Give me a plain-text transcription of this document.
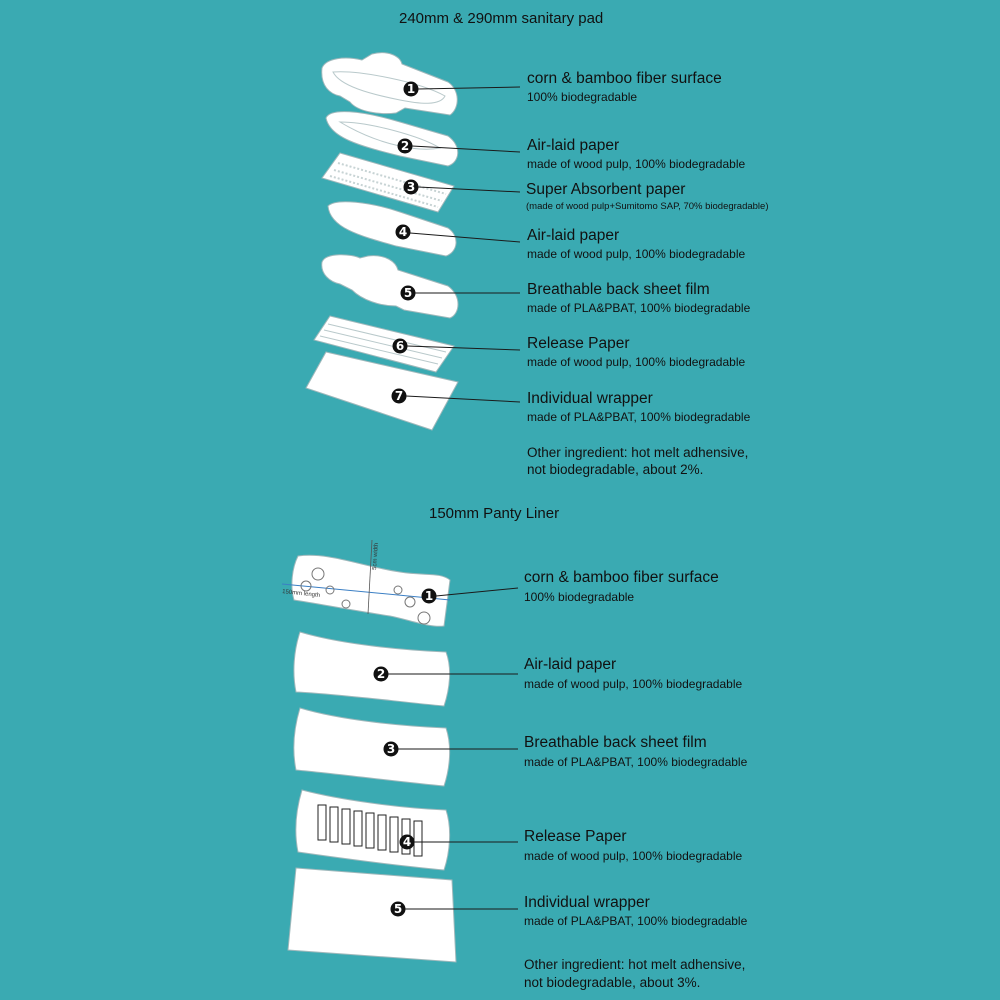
1
2
3
4
5
6
7
150mm length
5cm width
1
2
3
4
5
240mm & 290mm sanitary pad
corn & bamboo fiber surface
100% biodegradable
Air-laid paper
made of wood pulp, 100% biodegradable
Super Absorbent paper
(made of wood pulp+Sumitomo SAP, 70% biodegradable)
Air-laid paper
made of wood pulp, 100% biodegradable
Breathable back sheet film
made of PLA&PBAT, 100% biodegradable
Release Paper
made of wood pulp, 100% biodegradable
Individual wrapper
made of PLA&PBAT, 100% biodegradable
Other ingredient: hot melt adhensive,
not biodegradable, about 2%.
150mm Panty Liner
corn & bamboo fiber surface
100% biodegradable
Air-laid paper
made of wood pulp, 100% biodegradable
Breathable back sheet film
made of PLA&PBAT, 100% biodegradable
Release Paper
made of wood pulp, 100% biodegradable
Individual wrapper
made of PLA&PBAT, 100% biodegradable
Other ingredient: hot melt adhensive,
not biodegradable, about 3%.
